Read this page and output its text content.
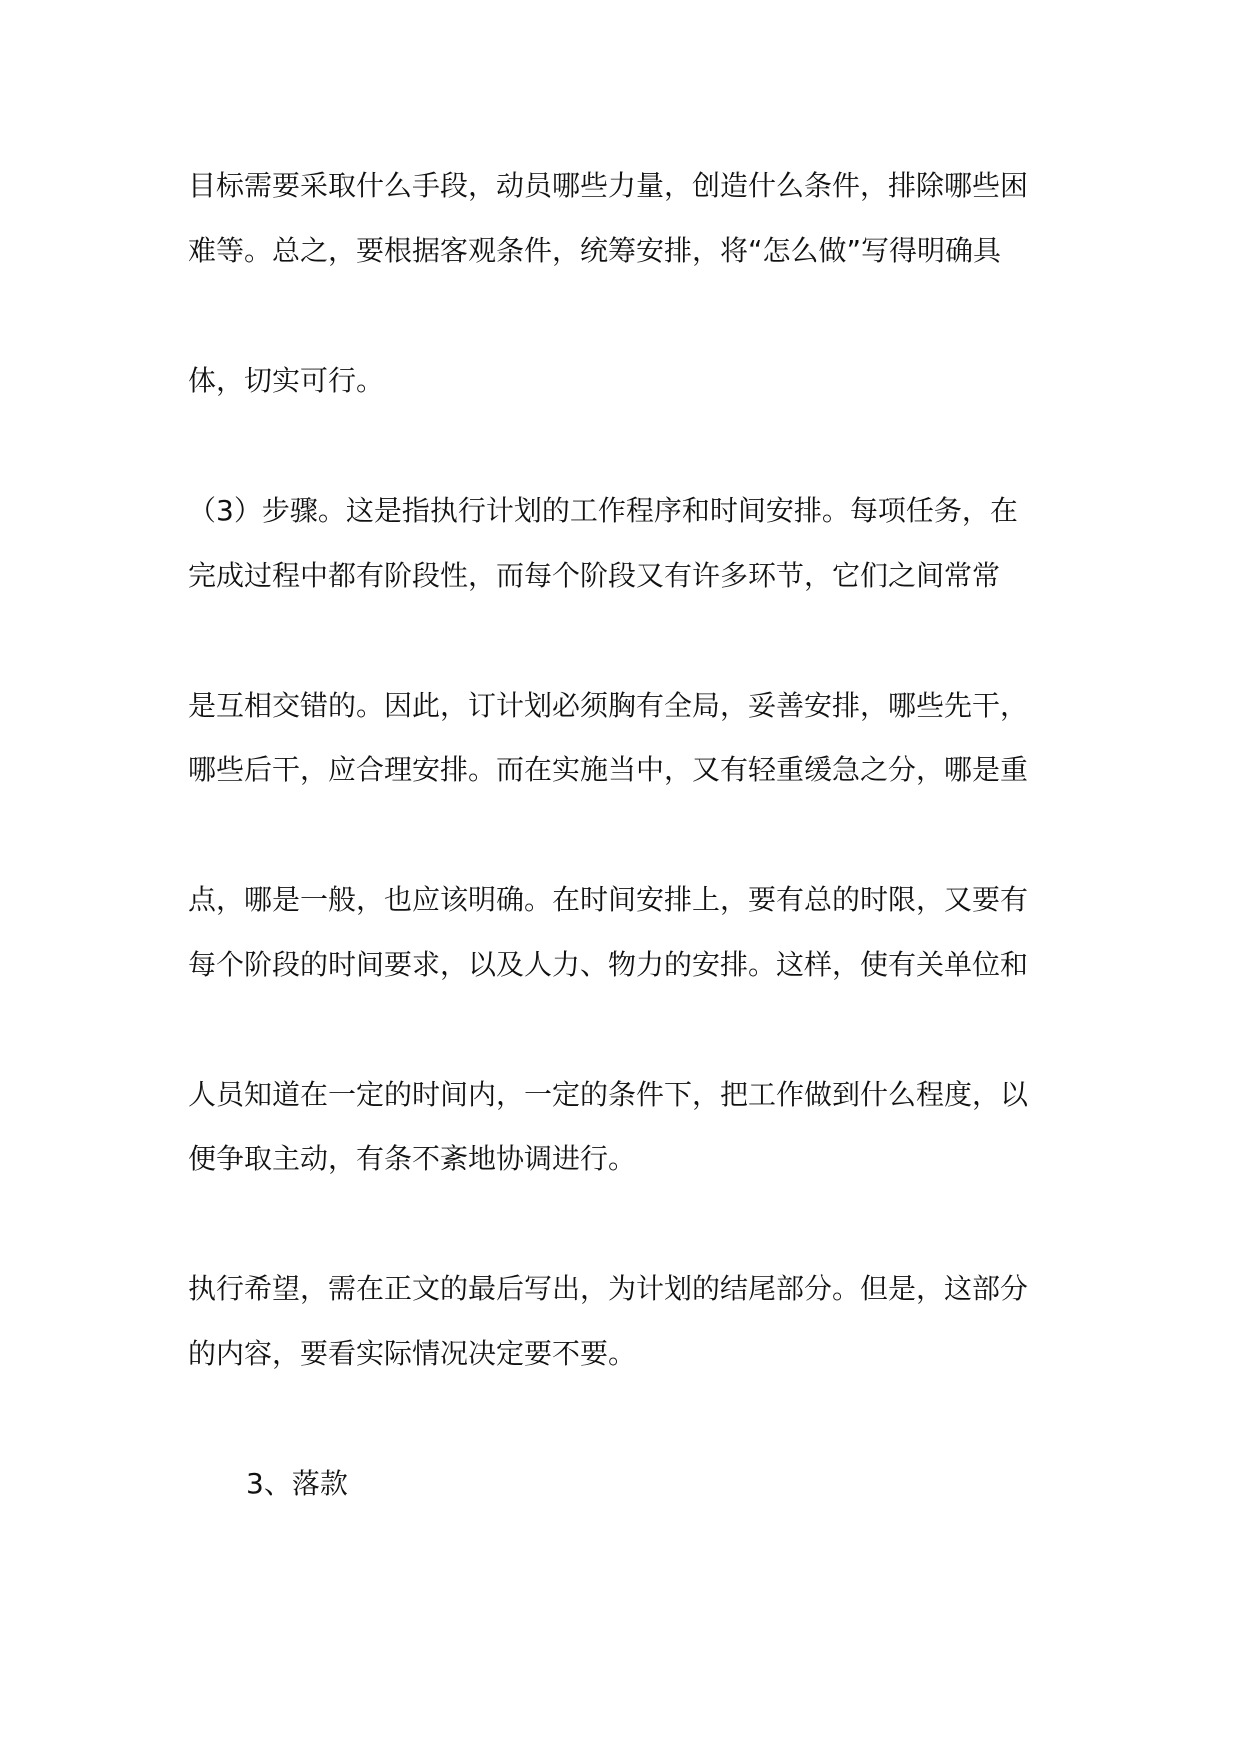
目标需要采取什么手段，动员哪些力量，创造什么条件，排除哪些困
难等。总之，要根据客观条件，统筹安排，将“怎么做”写得明确具
体，切实可行。
（3）步骤。这是指执行计划的工作程序和时间安排。每项任务，在
完成过程中都有阶段性，而每个阶段又有许多环节，它们之间常常
是互相交错的。因此，订计划必须胸有全局，妥善安排，哪些先干，
哪些后干，应合理安排。而在实施当中，又有轻重缓急之分，哪是重
点，哪是一般，也应该明确。在时间安排上，要有总的时限，又要有
每个阶段的时间要求，以及人力、物力的安排。这样，使有关单位和
人员知道在一定的时间内，一定的条件下，把工作做到什么程度，以
便争取主动，有条不紊地协调进行。
执行希望，需在正文的最后写出，为计划的结尾部分。但是，这部分
的内容，要看实际情况决定要不要。
3、落款
